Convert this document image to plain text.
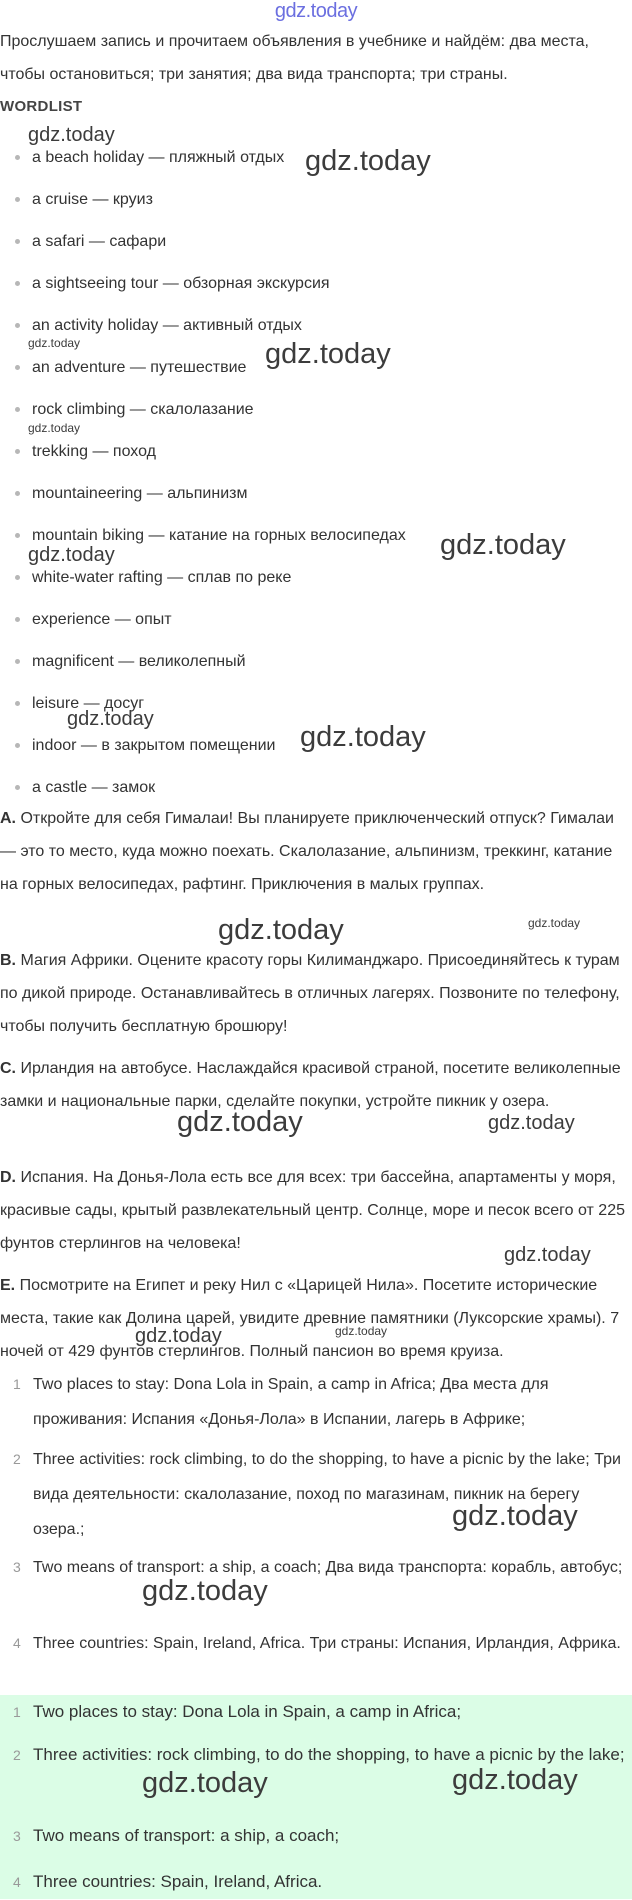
gdz.today
Прослушаем запись и прочитаем объявления в учебнике и найдём: два места, чтобы остановиться; три занятия; два вида транспорта; три страны.
WORDLIST
a beach holiday — пляжный отдых
a cruise — круиз
a safari — сафари
a sightseeing tour — обзорная экскурсия
an activity holiday — активный отдых
an adventure — путешествие
rock climbing — скалолазание
trekking — поход
mountaineering — альпинизм
mountain biking — катание на горных велосипедах
white-water rafting — сплав по реке
experience — опыт
magnificent — великолепный
leisure — досуг
indoor — в закрытом помещении
a castle — замок
A. Откройте для себя Гималаи! Вы планируете приключенческий отпуск? Гималаи — это то место, куда можно поехать. Скалолазание, альпинизм, треккинг, катание на горных велосипедах, рафтинг. Приключения в малых группах.
B. Магия Африки. Оцените красоту горы Килиманджаро. Присоединяйтесь к турам по дикой природе. Останавливайтесь в отличных лагерях. Позвоните по телефону, чтобы получить бесплатную брошюру!
C. Ирландия на автобусе. Наслаждайся красивой страной, посетите великолепные замки и национальные парки, сделайте покупки, устройте пикник у озера.
D. Испания. На Донья-Лола есть все для всех: три бассейна, апартаменты у моря, красивые сады, крытый развлекательный центр. Солнце, море и песок всего от 225 фунтов стерлингов на человека!
E. Посмотрите на Египет и реку Нил с «Царицей Нила». Посетите исторические места, такие как Долина царей, увидите древние памятники (Луксорские храмы). 7 ночей от 429 фунтов стерлингов. Полный пансион во время круиза.
1 Two places to stay: Dona Lola in Spain, a camp in Africa; Два места для проживания: Испания «Донья-Лола» в Испании, лагерь в Африке;
2 Three activities: rock climbing, to do the shopping, to have a picnic by the lake; Три вида деятельности: скалолазание, поход по магазинам, пикник на берегу озера.;
3 Two means of transport: a ship, a coach; Два вида транспорта: корабль, автобус;
4 Three countries: Spain, Ireland, Africa. Три страны: Испания, Ирландия, Африка.
1 Two places to stay: Dona Lola in Spain, a camp in Africa;
2 Three activities: rock climbing, to do the shopping, to have a picnic by the lake;
3 Two means of transport: a ship, a coach;
4 Three countries: Spain, Ireland, Africa.
gdz.today
gdz.today
gdz.today	gdz.today
gdz.today
gdz.today	gdz.today
gdz.today
gdz.today
gdz.today	gdz.today
gdz.today	gdz.today
gdz.today
gdz.today
gdz.today
gdz.today	gdz.today
gdz.today	gdz.today
